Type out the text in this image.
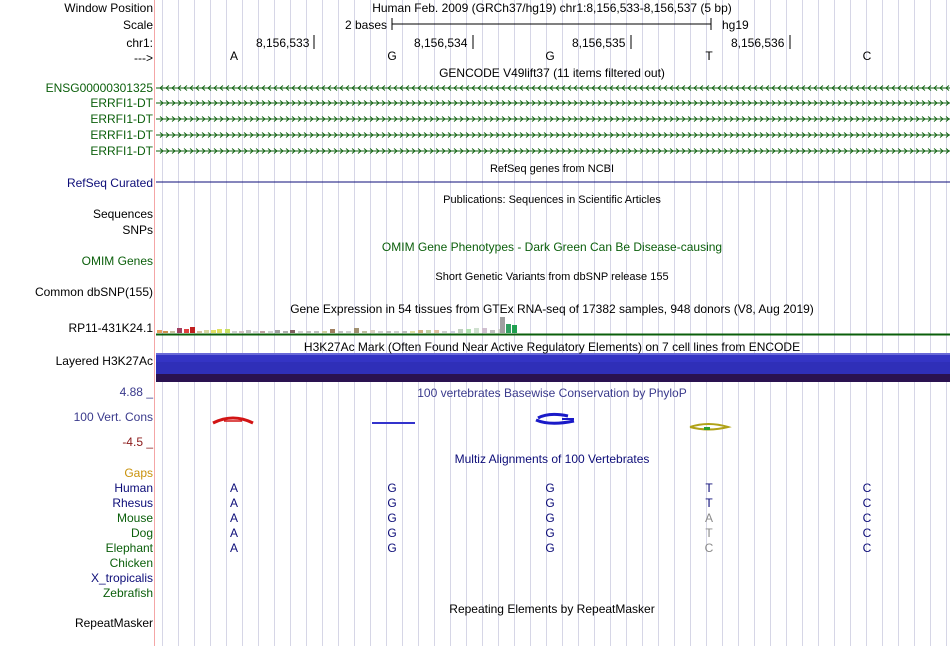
Window Position	Human Feb. 2009 (GRCh37/hg19) chr1:8,156,533-8,156,537 (5 bp)
Scale	2 bases	hg19
chr1:	8,156,533	8,156,534	8,156,535	8,156,536
--->	A	G	G	T	C
GENCODE V49lift37 (11 items filtered out)
ENSG00000301325
ERRFI1-DT
ERRFI1-DT
ERRFI1-DT
ERRFI1-DT
RefSeq genes from NCBI
RefSeq Curated
Publications: Sequences in Scientific Articles
Sequences
SNPs
OMIM Gene Phenotypes - Dark Green Can Be Disease-causing
OMIM Genes
Short Genetic Variants from dbSNP release 155
Common dbSNP(155)
Gene Expression in 54 tissues from GTEx RNA-seq of 17382 samples, 948 donors (V8, Aug 2019)
RP11-431K24.1
H3K27Ac Mark (Often Found Near Active Regulatory Elements) on 7 cell lines from ENCODE
Layered H3K27Ac
4.88 _	100 vertebrates Basewise Conservation by PhyloP
100 Vert. Cons
-4.5 _
Multiz Alignments of 100 Vertebrates
Gaps
Human	A	G	G	T	C
Rhesus	A	G	G	T	C
Mouse	A	G	G	A	C
Dog	A	G	G	T	C
Elephant	A	G	G	C	C
Chicken
X_tropicalis
Zebrafish
Repeating Elements by RepeatMasker
RepeatMasker
